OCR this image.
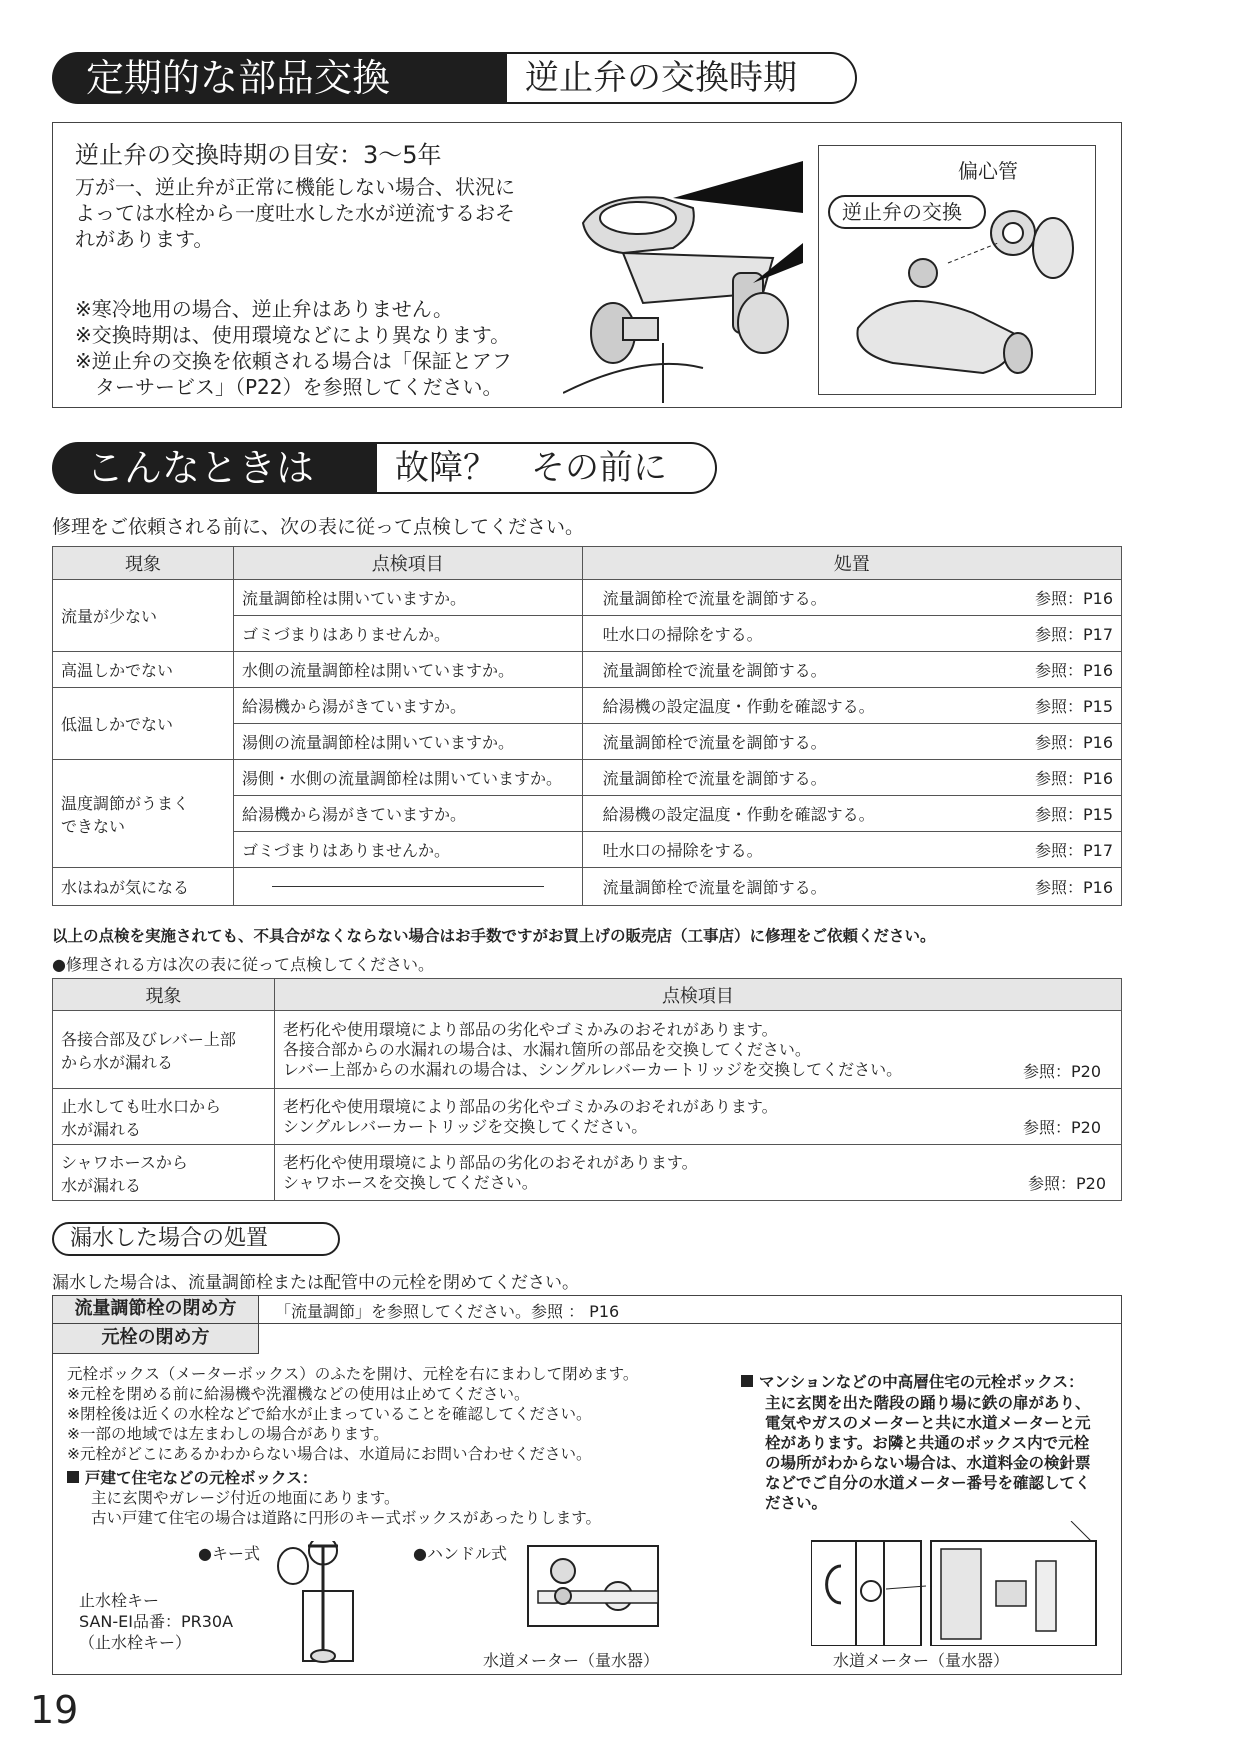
定期的な部品交換	逆止弁の交換時期
逆止弁の交換時期の目安：3～5年
万が一、逆止弁が正常に機能しない場合、状況に
よっては水栓から一度吐水した水が逆流するおそ
れがあります。
※寒冷地用の場合、逆止弁はありません。
※交換時期は、使用環境などにより異なります。
※逆止弁の交換を依頼される場合は「保証とアフ
　ターサービス」（P22）を参照してください。
偏心管
逆止弁の交換
こんなときは	故障？　その前に
修理をご依頼される前に、次の表に従って点検してください。
現象	点検項目	処置
流量が少ない	流量調節栓は開いていますか。	流量調節栓で流量を調節する。 参照：P16

	ゴミづまりはありませんか。	吐水口の掃除をする。 参照：P17

高温しかでない	水側の流量調節栓は開いていますか。	流量調節栓で流量を調節する。 参照：P16

低温しかでない	給湯機から湯がきていますか。	給湯機の設定温度・作動を確認する。 参照：P15

	湯側の流量調節栓は開いていますか。	流量調節栓で流量を調節する。 参照：P16

温度調節がうまく
できない	湯側・水側の流量調節栓は開いていますか。	流量調節栓で流量を調節する。 参照：P16

	給湯機から湯がきていますか。	給湯機の設定温度・作動を確認する。 参照：P15

	ゴミづまりはありませんか。	吐水口の掃除をする。 参照：P17

水はねが気になる		流量調節栓で流量を調節する。 参照：P16
以上の点検を実施されても、不具合がなくならない場合はお手数ですがお買上げの販売店（工事店）に修理をご依頼ください。
●修理される方は次の表に従って点検してください。
現象	点検項目
各接合部及びレバー上部
から水が漏れる	老朽化や使用環境により部品の劣化やゴミかみのおそれがあります。
各接合部からの水漏れの場合は、水漏れ箇所の部品を交換してください。
レバー上部からの水漏れの場合は、シングルレバーカートリッジを交換してください。 参照：P20

止水しても吐水口から
水が漏れる	老朽化や使用環境により部品の劣化やゴミかみのおそれがあります。
シングルレバーカートリッジを交換してください。 参照：P20

シャワホースから
水が漏れる	老朽化や使用環境により部品の劣化のおそれがあります。
シャワホースを交換してください。 参照：P20
漏水した場合の処置
漏水した場合は、流量調節栓または配管中の元栓を閉めてください。
流量調節栓の閉め方	「流量調節」を参照してください。参照 ： P16
元栓の閉め方
元栓ボックス（メーターボックス）のふたを開け、元栓を右にまわして閉めます。
※元栓を閉める前に給湯機や洗濯機などの使用は止めてください。
※閉栓後は近くの水栓などで給水が止まっていることを確認してください。
※一部の地域では左まわしの場合があります。
※元栓がどこにあるかわからない場合は、水道局にお問い合わせください。
戸建て住宅などの元栓ボックス：
主に玄関やガレージ付近の地面にあります。
古い戸建て住宅の場合は道路に円形のキー式ボックスがあったりします。
●キー式	●ハンドル式
止水栓キー
SAN-EI品番：PR30A
（止水栓キー）
水道メーター（量水器）
マンションなどの中高層住宅の元栓ボックス：
主に玄関を出た階段の踊り場に鉄の扉があり、
電気やガスのメーターと共に水道メーターと元
栓があります。お隣と共通のボックス内で元栓
の場所がわからない場合は、水道料金の検針票
などでご自分の水道メーター番号を確認してく
ださい。
水道メーター（量水器）
19
